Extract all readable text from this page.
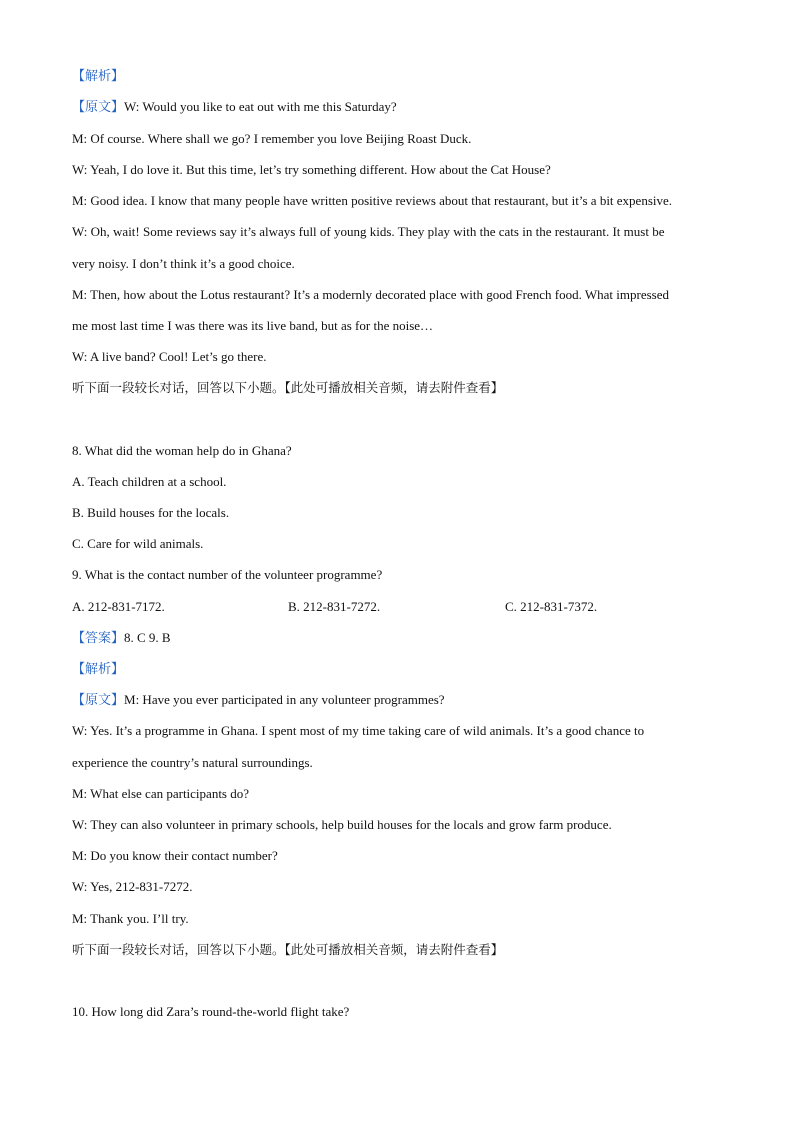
【解析】
【原文】W: Would you like to eat out with me this Saturday?
M: Of course. Where shall we go? I remember you love Beijing Roast Duck.
W: Yeah, I do love it. But this time, let’s try something different. How about the Cat House?
M: Good idea. I know that many people have written positive reviews about that restaurant, but it’s a bit expensive.
W: Oh, wait! Some reviews say it’s always full of young kids. They play with the cats in the restaurant. It must be
very noisy. I don’t think it’s a good choice.
M: Then, how about the Lotus restaurant? It’s a modernly decorated place with good French food. What impressed
me most last time I was there was its live band, but as for the noise…
W: A live band? Cool! Let’s go there.
听下面一段较长对话，回答以下小题。【此处可播放相关音频，请去附件查看】
8. What did the woman help do in Ghana?
A. Teach children at a school.
B. Build houses for the locals.
C. Care for wild animals.
9. What is the contact number of the volunteer programme?
A. 212-831-7172.	B. 212-831-7272.	C. 212-831-7372.
【答案】8. C 9. B
【解析】
【原文】M: Have you ever participated in any volunteer programmes?
W: Yes. It’s a programme in Ghana. I spent most of my time taking care of wild animals. It’s a good chance to
experience the country’s natural surroundings.
M: What else can participants do?
W: They can also volunteer in primary schools, help build houses for the locals and grow farm produce.
M: Do you know their contact number?
W: Yes, 212-831-7272.
M: Thank you. I’ll try.
听下面一段较长对话，回答以下小题。【此处可播放相关音频，请去附件查看】
10. How long did Zara’s round-the-world flight take?
